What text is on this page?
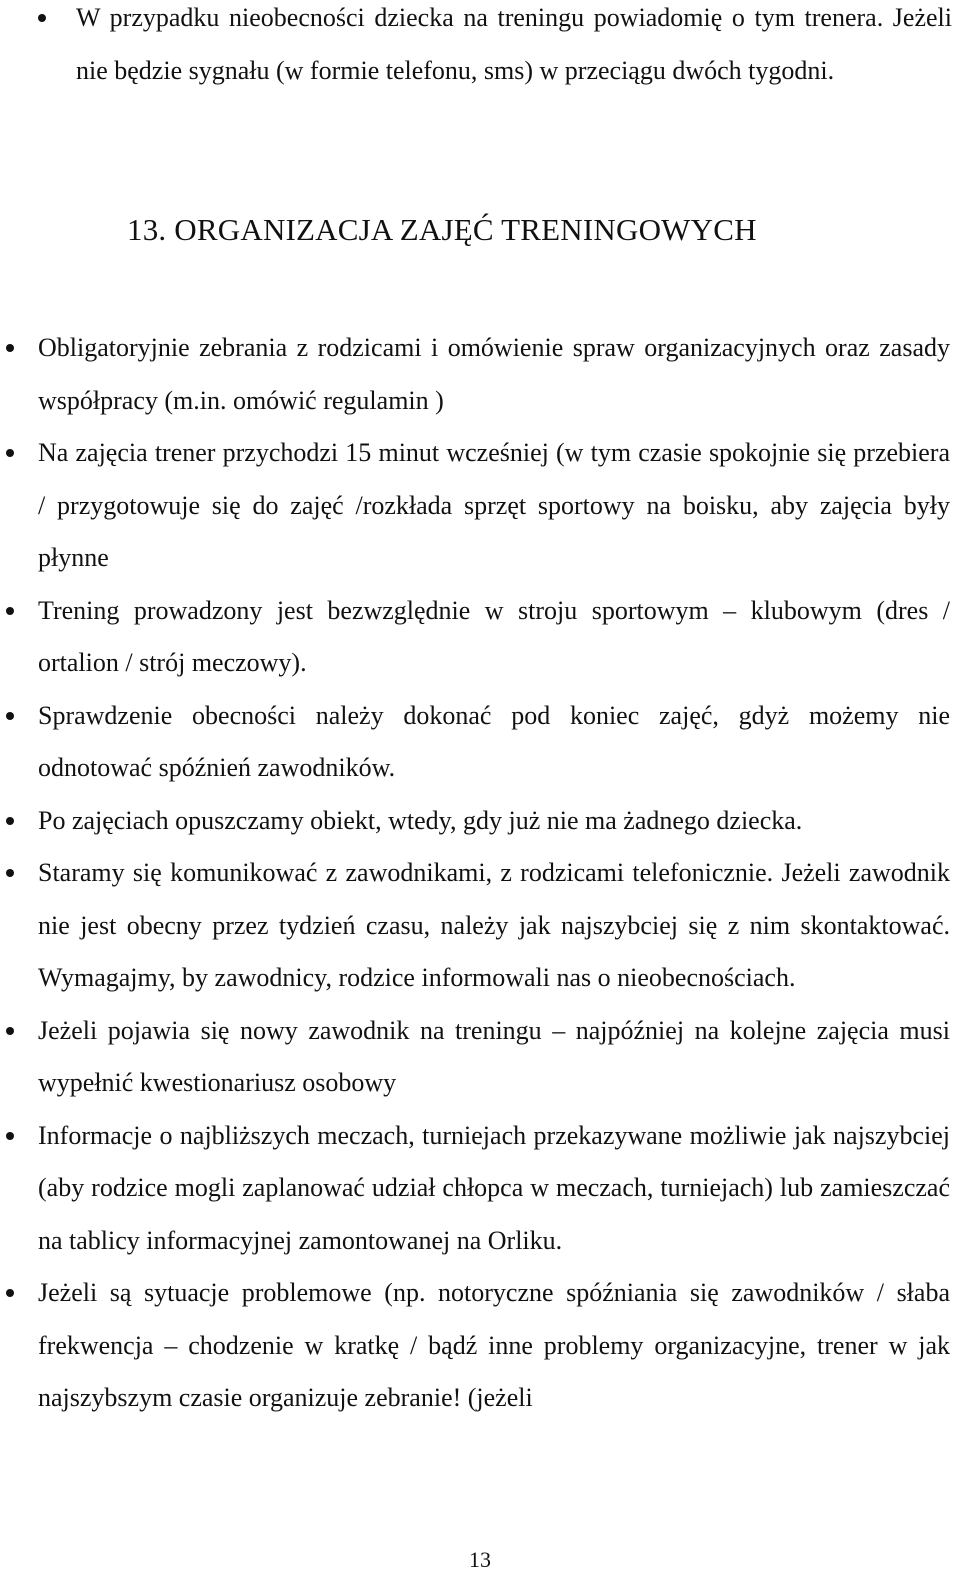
W przypadku nieobecności dziecka na treningu powiadomię o tym trenera. Jeżeli nie będzie sygnału (w formie telefonu, sms) w przeciągu dwóch tygodni.
13. ORGANIZACJA ZAJĘĆ TRENINGOWYCH
Obligatoryjnie zebrania z rodzicami i omówienie spraw organizacyjnych oraz zasady współpracy (m.in. omówić regulamin )
Na zajęcia trener przychodzi 15 minut wcześniej (w tym czasie spokojnie się przebiera / przygotowuje się do zajęć /rozkłada sprzęt sportowy na boisku, aby zajęcia były płynne
Trening prowadzony jest bezwzględnie w stroju sportowym – klubowym (dres / ortalion / strój meczowy).
Sprawdzenie obecności należy dokonać pod koniec zajęć, gdyż możemy nie odnotować spóźnień zawodników.
Po zajęciach opuszczamy obiekt, wtedy, gdy już nie ma żadnego dziecka.
Staramy się komunikować z zawodnikami, z rodzicami telefonicznie. Jeżeli zawodnik nie jest obecny przez tydzień czasu, należy jak najszybciej się z nim skontaktować. Wymagajmy, by zawodnicy, rodzice informowali nas o nieobecnościach.
Jeżeli pojawia się nowy zawodnik na treningu – najpóźniej na kolejne zajęcia musi wypełnić kwestionariusz osobowy
Informacje o najbliższych meczach, turniejach przekazywane możliwie jak najszybciej (aby rodzice mogli zaplanować udział chłopca w meczach, turniejach) lub zamieszczać na tablicy informacyjnej zamontowanej na Orliku.
Jeżeli są sytuacje problemowe (np. notoryczne spóźniania się zawodników / słaba frekwencja – chodzenie w kratkę / bądź inne problemy organizacyjne, trener w jak najszybszym czasie organizuje zebranie! (jeżeli
13
